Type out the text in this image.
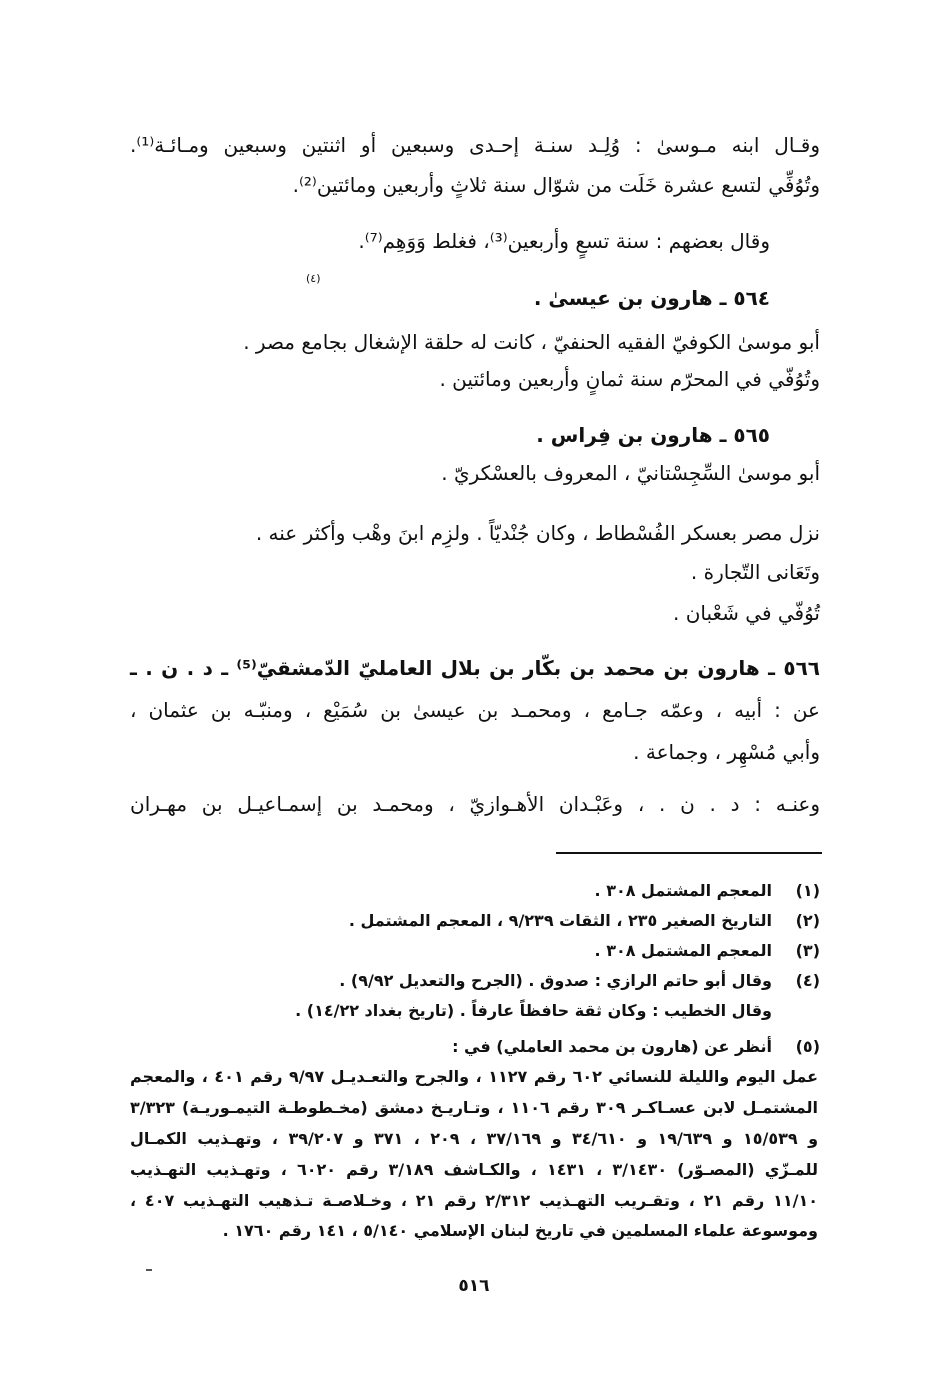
وقـال ابنه مـوسىٰ : وُلِـد سنـة إحـدى وسبعين أو اثنتين وسبعين ومـائـة⁽¹⁾.
وتُوُفِّي لتسع عشرة خَلَت من شوّال سنة ثلاثٍ وأربعين ومائتين⁽²⁾.
وقال بعضهم : سنة تسعٍ وأربعين⁽³⁾، فغلط وَوَهِم⁽⁷⁾.
(٤)
٥٦٤ ـ هارون بن عيسىٰ .
أبو موسىٰ الكوفيّ الفقيه الحنفيّ ، كانت له حلقة الإشغال بجامع مصر .
وتُوُفّي في المحرّم سنة ثمانٍ وأربعين ومائتين .
٥٦٥ ـ هارون بن فِراس .
أبو موسىٰ السِّجِسْتانيّ ، المعروف بالعسْكريّ .
نزل مصر بعسكر الفُسْطاط ، وكان جُنْديّاً . ولزِم ابنَ وهْب وأكثر عنه .
وتَعَانى التّجارة .
تُوُفّي في شَعْبان .
٥٦٦ ـ هارون بن محمد بن بكّار بن بلال العامليّ الدّمشقيّ⁽⁵⁾ ـ د . ن . ـ
عن : أبيه ، وعمّه جـامع ، ومحمـد بن عيسىٰ بن سُمَيْع ، ومنبّـه بن عثمان ،
وأبي مُسْهِر ، وجماعة .
وعنـه : د . ن . ، وعَبْـدان الأهـوازيّ ، ومحمـد بن إسمـاعيـل بن مهـران
(١)
المعجم المشتمل ٣٠٨ .
(٢)
التاريخ الصغير ٢٣٥ ، الثقات ٩/٢٣٩ ، المعجم المشتمل .
(٣)
المعجم المشتمل ٣٠٨ .
(٤)
وقال أبو حاتم الرازي : صدوق . (الجرح والتعديل ٩/٩٢) .
وقال الخطيب : وكان ثقة حافظاً عارفاً . (تاريخ بغداد ١٤/٢٢) .
(٥)
أنظر عن (هارون بن محمد العاملي) في :
عمل اليوم والليلة للنسائي ٦٠٢ رقم ١١٢٧ ، والجرح والتعـديـل ٩/٩٧ رقم ٤٠١ ، والمعجم
المشتمـل لابن عسـاكـر ٣٠٩ رقم ١١٠٦ ، وتـاريـخ دمشق (مخـطوطـة التيمـوريـة) ٣/٣٢٣
و ١٥/٥٣٩ و ١٩/٦٣٩ و ٣٤/٦١٠ و ٣٧/١٦٩ ، ٢٠٩ ، ٣٧١ و ٣٩/٢٠٧ ، وتهـذيب الكمـال
للمـزّي (المصـوّر) ٣/١٤٣٠ ، ١٤٣١ ، والكـاشف ٣/١٨٩ رقم ٦٠٢٠ ، وتهـذيب التهـذيب
١١/١٠ رقم ٢١ ، وتقـريب التهـذيب ٢/٣١٢ رقم ٢١ ، وخـلاصـة تـذهيب التهـذيب ٤٠٧ ،
وموسوعة علماء المسلمين في تاريخ لبنان الإسلامي ٥/١٤٠ ، ١٤١ رقم ١٧٦٠ .
٥١٦
